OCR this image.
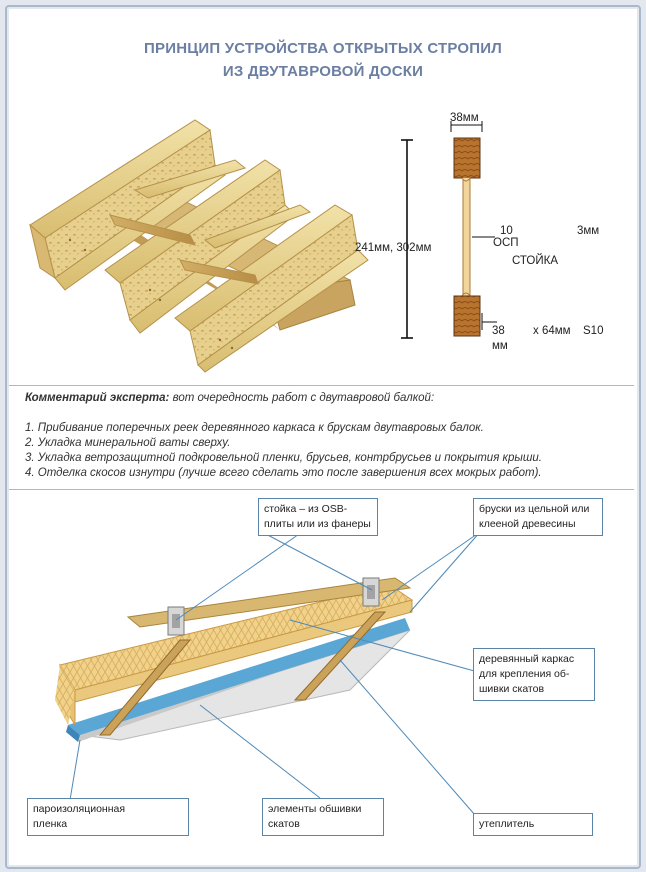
ПРИНЦИП УСТРОЙСТВА ОТКРЫТЫХ СТРОПИЛ
ИЗ ДВУТАВРОВОЙ ДОСКИ
38мм
241мм, 302мм
10	3мм
ОСП
СТОЙКА
38
мм
x 64мм S10
Комментарий эксперта: вот очередность работ с двутавровой балкой:
1. Прибивание поперечных реек деревянного каркаса к брускам двутавровых балок.
2. Укладка минеральной ваты сверху.
3. Укладка ветрозащитной подкровельной пленки, брусьев, контрбрусьев и покрытия крыши.
4. Отделка скосов изнутри (лучше всего сделать это после завершения всех мокрых работ).
стойка – из OSB-
плиты или из фанеры
бруски из цельной или
клееной древесины
деревянный каркас
для крепления об-
шивки скатов
пароизоляционная
пленка
элементы обшивки
скатов	утеплитель
